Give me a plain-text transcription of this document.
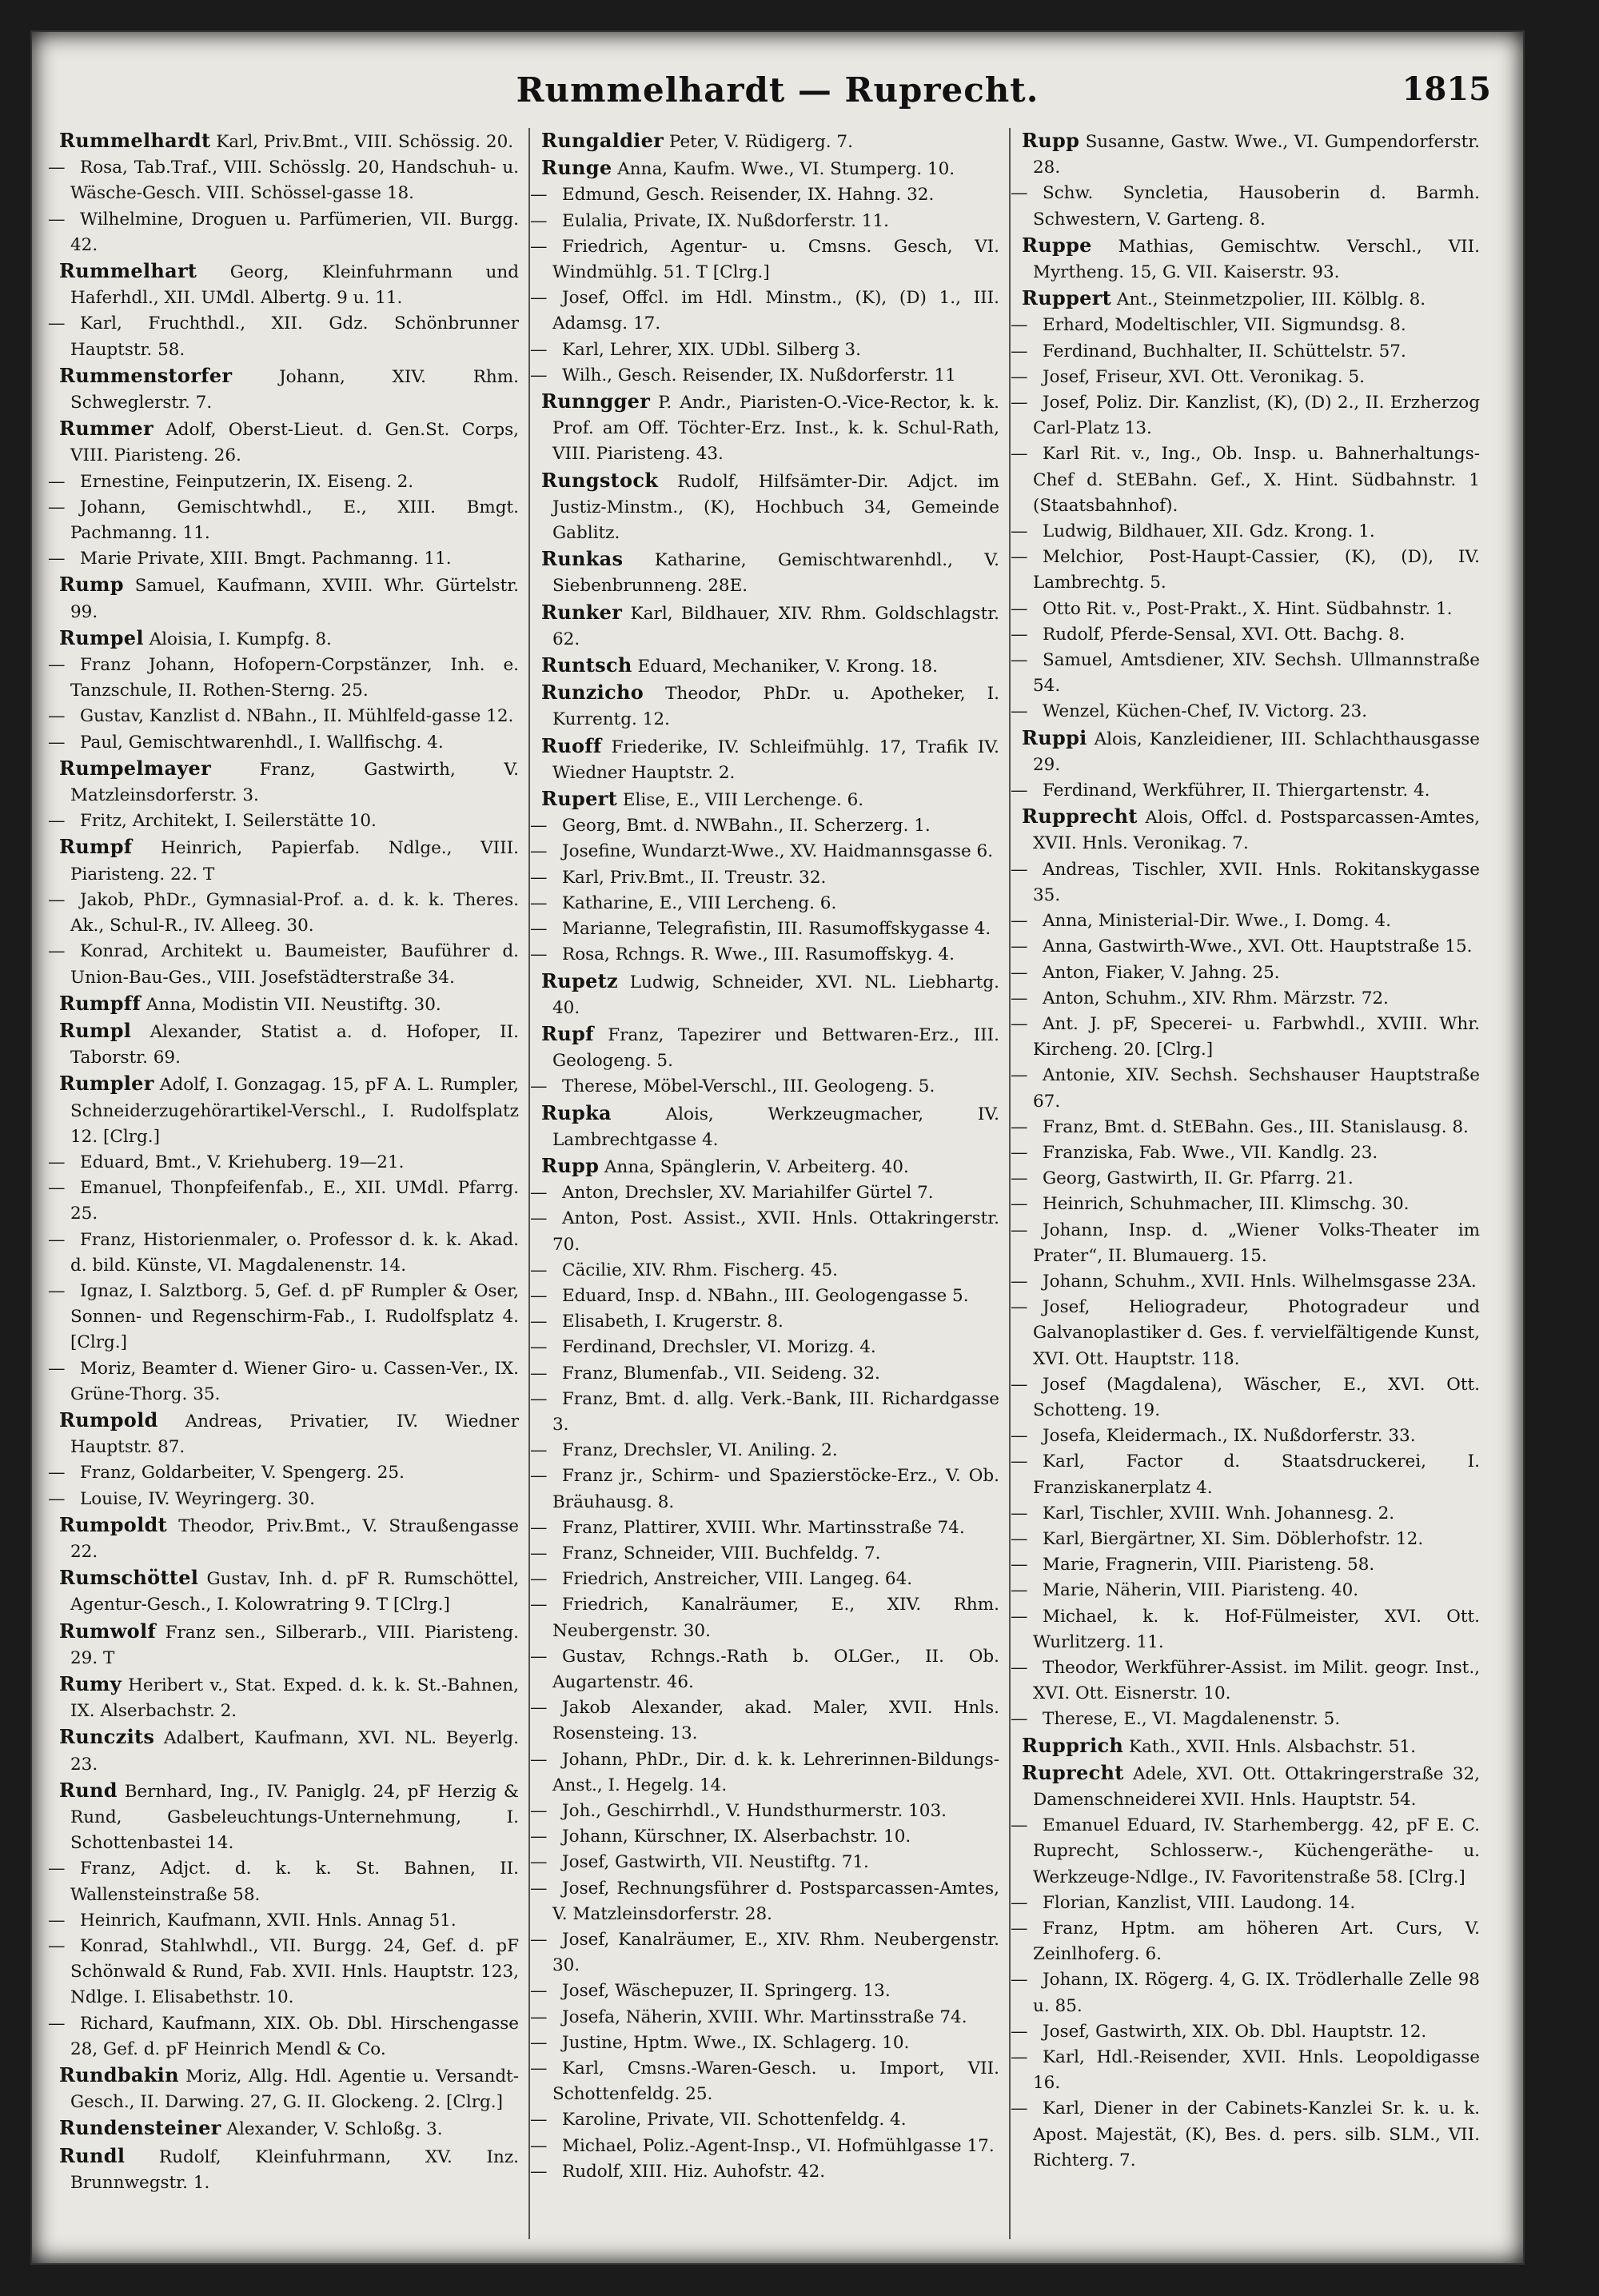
Rummelhardt — Ruprecht.	1815

Rummelhardt Karl, Priv.Bmt., VIII. Schössig. 20.

— Rosa, Tab.Traf., VIII. Schösslg. 20, Handschuh- u. Wäsche-Gesch. VIII. Schössel-gasse 18.

— Wilhelmine, Droguen u. Parfümerien, VII. Burgg. 42.

Rummelhart Georg, Kleinfuhrmann und Haferhdl., XII. UMdl. Albertg. 9 u. 11.

— Karl, Fruchthdl., XII. Gdz. Schönbrunner Hauptstr. 58.

Rummenstorfer	Johann, XIV. Rhm. Schweglerstr. 7.

Rummer Adolf, Oberst-Lieut. d. Gen.St. Corps, VIII. Piaristeng. 26.

— Ernestine, Feinputzerin, IX. Eiseng. 2.

— Johann, Gemischtwhdl., E., XIII. Bmgt. Pachmanng. 11.

— Marie Private, XIII. Bmgt. Pachmanng. 11.

Rump Samuel, Kaufmann, XVIII. Whr. Gürtelstr. 99.

Rumpel Aloisia, I. Kumpfg. 8.

— Franz Johann, Hofopern-Corpstänzer, Inh. e. Tanzschule, II. Rothen-Sterng. 25.

— Gustav, Kanzlist d. NBahn., II. Mühlfeld-gasse 12.

— Paul, Gemischtwarenhdl., I. Wallfischg. 4.

Rumpelmayer	Franz, Gastwirth, V. Matzleinsdorferstr. 3.

— Fritz, Architekt, I. Seilerstätte 10.

Rumpf Heinrich, Papierfab. Ndlge., VIII. Piaristeng. 22. T

— Jakob, PhDr., Gymnasial-Prof. a. d. k. k. Theres. Ak., Schul-R., IV. Alleeg. 30.

— Konrad, Architekt u. Baumeister, Bauführer d. Union-Bau-Ges., VIII. Josefstädterstraße 34.

Rumpff Anna, Modistin VII. Neustiftg. 30.

Rumpl Alexander, Statist a. d. Hofoper, II. Taborstr. 69.

Rumpler Adolf, I. Gonzagag. 15, pF A. L. Rumpler, Schneiderzugehörartikel-Verschl., I. Rudolfsplatz 12. [Clrg.]

— Eduard, Bmt., V. Kriehuberg. 19—21.

— Emanuel, Thonpfeifenfab., E., XII. UMdl. Pfarrg. 25.

— Franz, Historienmaler, o. Professor d. k. k. Akad. d. bild. Künste, VI. Magdalenenstr. 14.

— Ignaz, I. Salztborg. 5, Gef. d. pF Rumpler & Oser, Sonnen- und Regenschirm-Fab., I. Rudolfsplatz 4. [Clrg.]

— Moriz, Beamter d. Wiener Giro- u. Cassen-Ver., IX. Grüne-Thorg. 35.

Rumpold Andreas, Privatier, IV. Wiedner Hauptstr. 87.

— Franz, Goldarbeiter, V. Spengerg. 25.

— Louise, IV. Weyringerg. 30.

Rumpoldt Theodor, Priv.Bmt., V. Straußengasse 22.

Rumschöttel Gustav, Inh. d. pF R. Rumschöttel, Agentur-Gesch., I. Kolowratring 9. T [Clrg.]

Rumwolf Franz sen., Silberarb., VIII. Piaristeng. 29. T

Rumy Heribert v., Stat. Exped. d. k. k. St.-Bahnen, IX. Alserbachstr. 2.

Runczits Adalbert, Kaufmann, XVI. NL. Beyerlg. 23.

Rund Bernhard, Ing., IV. Paniglg. 24, pF Herzig & Rund, Gasbeleuchtungs-Unternehmung, I. Schottenbastei 14.

— Franz, Adjct. d. k. k. St. Bahnen, II. Wallensteinstraße 58.

— Heinrich, Kaufmann, XVII. Hnls. Annag 51.

— Konrad, Stahlwhdl., VII. Burgg. 24, Gef. d. pF Schönwald & Rund, Fab. XVII. Hnls. Hauptstr. 123, Ndlge. I. Elisabethstr. 10.

— Richard, Kaufmann, XIX. Ob. Dbl. Hirschengasse 28, Gef. d. pF Heinrich Mendl & Co.

Rundbakin Moriz, Allg. Hdl. Agentie u. Versandt-Gesch., II. Darwing. 27, G. II. Glockeng. 2. [Clrg.]

Rundensteiner Alexander, V. Schloßg. 3.

Rundl Rudolf, Kleinfuhrmann, XV. Inz. Brunnwegstr. 1.

Rungaldier Peter, V. Rüdigerg. 7.

Runge Anna, Kaufm. Wwe., VI. Stumperg. 10.

— Edmund, Gesch. Reisender, IX. Hahng. 32.

— Eulalia, Private, IX. Nußdorferstr. 11.

— Friedrich, Agentur- u. Cmsns. Gesch, VI. Windmühlg. 51. T [Clrg.]

— Josef, Offcl. im Hdl. Minstm., (K), (D) 1., III. Adamsg. 17.

— Karl, Lehrer, XIX. UDbl. Silberg 3.

— Wilh., Gesch. Reisender, IX. Nußdorferstr. 11

Runngger P. Andr., Piaristen-O.-Vice-Rector, k. k. Prof. am Off. Töchter-Erz. Inst., k. k. Schul-Rath, VIII. Piaristeng. 43.

Rungstock Rudolf, Hilfsämter-Dir. Adjct. im Justiz-Minstm., (K), Hochbuch 34, Gemeinde Gablitz.

Runkas Katharine, Gemischtwarenhdl., V. Siebenbrunneng. 28E.

Runker Karl, Bildhauer, XIV. Rhm. Goldschlagstr. 62.

Runtsch Eduard, Mechaniker, V. Krong. 18.

Runzicho Theodor, PhDr. u. Apotheker, I. Kurrentg. 12.

Ruoff Friederike, IV. Schleifmühlg. 17, Trafik IV. Wiedner Hauptstr. 2.

Rupert Elise, E., VIII Lerchenge. 6.

— Georg, Bmt. d. NWBahn., II. Scherzerg. 1.

— Josefine, Wundarzt-Wwe., XV. Haidmannsgasse 6.

— Karl, Priv.Bmt., II. Treustr. 32.

— Katharine, E., VIII Lercheng. 6.

— Marianne, Telegrafistin, III. Rasumoffskygasse 4.

— Rosa, Rchngs. R. Wwe., III. Rasumoffskyg. 4.

Rupetz Ludwig, Schneider, XVI. NL. Liebhartg. 40.

Rupf Franz, Tapezirer und Bettwaren-Erz., III. Geologeng. 5.

— Therese, Möbel-Verschl., III. Geologeng. 5.

Rupka	Alois, Werkzeugmacher, IV. Lambrechtgasse 4.

Rupp Anna, Spänglerin, V. Arbeiterg. 40.

— Anton, Drechsler, XV. Mariahilfer Gürtel 7.

— Anton, Post. Assist., XVII. Hnls. Ottakringerstr. 70.

— Cäcilie, XIV. Rhm. Fischerg. 45.

— Eduard, Insp. d. NBahn., III. Geologengasse 5.

— Elisabeth, I. Krugerstr. 8.

— Ferdinand, Drechsler, VI. Morizg. 4.

— Franz, Blumenfab., VII. Seideng. 32.

— Franz, Bmt. d. allg. Verk.-Bank, III. Richardgasse 3.

— Franz, Drechsler, VI. Aniling. 2.

— Franz jr., Schirm- und Spazierstöcke-Erz., V. Ob. Bräuhausg. 8.

— Franz, Plattirer, XVIII. Whr. Martinsstraße 74.

— Franz, Schneider, VIII. Buchfeldg. 7.

— Friedrich, Anstreicher, VIII. Langeg. 64.

— Friedrich, Kanalräumer, E., XIV. Rhm. Neubergenstr. 30.

— Gustav, Rchngs.-Rath b. OLGer., II. Ob. Augartenstr. 46.

— Jakob Alexander, akad. Maler, XVII. Hnls. Rosensteing. 13.

— Johann, PhDr., Dir. d. k. k. Lehrerinnen-Bildungs-Anst., I. Hegelg. 14.

— Joh., Geschirrhdl., V. Hundsthurmerstr. 103.

— Johann, Kürschner, IX. Alserbachstr. 10.

— Josef, Gastwirth, VII. Neustiftg. 71.

— Josef, Rechnungsführer d. Postsparcassen-Amtes, V. Matzleinsdorferstr. 28.

— Josef, Kanalräumer, E., XIV. Rhm. Neubergenstr. 30.

— Josef, Wäschepuzer, II. Springerg. 13.

— Josefa, Näherin, XVIII. Whr. Martinsstraße 74.

— Justine, Hptm. Wwe., IX. Schlagerg. 10.

— Karl, Cmsns.-Waren-Gesch. u. Import, VII. Schottenfeldg. 25.

— Karoline, Private, VII. Schottenfeldg. 4.

— Michael, Poliz.-Agent-Insp., VI. Hofmühlgasse 17.

— Rudolf, XIII. Hiz. Auhofstr. 42.

Rupp Susanne, Gastw. Wwe., VI. Gumpendorferstr. 28.

— Schw. Syncletia, Hausoberin d. Barmh. Schwestern, V. Garteng. 8.

Ruppe Mathias, Gemischtw. Verschl., VII. Myrtheng. 15, G. VII. Kaiserstr. 93.

Ruppert Ant., Steinmetzpolier, III. Kölblg. 8.

— Erhard, Modeltischler, VII. Sigmundsg. 8.

— Ferdinand, Buchhalter, II. Schüttelstr. 57.

— Josef, Friseur, XVI. Ott. Veronikag. 5.

— Josef, Poliz. Dir. Kanzlist, (K), (D) 2., II. Erzherzog Carl-Platz 13.

— Karl Rit. v., Ing., Ob. Insp. u. Bahnerhaltungs-Chef d. StEBahn. Gef., X. Hint. Südbahnstr. 1 (Staatsbahnhof).

— Ludwig, Bildhauer, XII. Gdz. Krong. 1.

— Melchior, Post-Haupt-Cassier, (K), (D), IV. Lambrechtg. 5.

— Otto Rit. v., Post-Prakt., X. Hint. Südbahnstr. 1.

— Rudolf, Pferde-Sensal, XVI. Ott. Bachg. 8.

— Samuel, Amtsdiener, XIV. Sechsh. Ullmannstraße 54.

— Wenzel, Küchen-Chef, IV. Victorg. 23.

Ruppi Alois, Kanzleidiener, III. Schlachthausgasse 29.

— Ferdinand, Werkführer, II. Thiergartenstr. 4.

Rupprecht Alois, Offcl. d. Postsparcassen-Amtes, XVII. Hnls. Veronikag. 7.

— Andreas, Tischler, XVII. Hnls. Rokitanskygasse 35.

— Anna, Ministerial-Dir. Wwe., I. Domg. 4.

— Anna, Gastwirth-Wwe., XVI. Ott. Hauptstraße 15.

— Anton, Fiaker, V. Jahng. 25.

— Anton, Schuhm., XIV. Rhm. Märzstr. 72.

— Ant. J. pF, Specerei- u. Farbwhdl., XVIII. Whr. Kircheng. 20. [Clrg.]

— Antonie, XIV. Sechsh. Sechshauser Hauptstraße 67.

— Franz, Bmt. d. StEBahn. Ges., III. Stanislausg. 8.

— Franziska, Fab. Wwe., VII. Kandlg. 23.

— Georg, Gastwirth, II. Gr. Pfarrg. 21.

— Heinrich, Schuhmacher, III. Klimschg. 30.

— Johann, Insp. d. „Wiener Volks-Theater im Prater“, II. Blumauerg. 15.

— Johann, Schuhm., XVII. Hnls. Wilhelmsgasse 23A.

— Josef, Heliogradeur, Photogradeur und Galvanoplastiker d. Ges. f. vervielfältigende Kunst, XVI. Ott. Hauptstr. 118.

— Josef (Magdalena), Wäscher, E., XVI. Ott. Schotteng. 19.

— Josefa, Kleidermach., IX. Nußdorferstr. 33.

— Karl, Factor d. Staatsdruckerei, I. Franziskanerplatz 4.

— Karl, Tischler, XVIII. Wnh. Johannesg. 2.

— Karl, Biergärtner, XI. Sim. Döblerhofstr. 12.

— Marie, Fragnerin, VIII. Piaristeng. 58.

— Marie, Näherin, VIII. Piaristeng. 40.

— Michael, k. k. Hof-Fülmeister, XVI. Ott. Wurlitzerg. 11.

— Theodor, Werkführer-Assist. im Milit. geogr. Inst., XVI. Ott. Eisnerstr. 10.

— Therese, E., VI. Magdalenenstr. 5.

Rupprich Kath., XVII. Hnls. Alsbachstr. 51.

Ruprecht Adele, XVI. Ott. Ottakringerstraße 32, Damenschneiderei XVII. Hnls. Hauptstr. 54.

— Emanuel Eduard, IV. Starhembergg. 42, pF E. C. Ruprecht, Schlosserw.-, Küchengeräthe- u. Werkzeuge-Ndlge., IV. Favoritenstraße 58. [Clrg.]

— Florian, Kanzlist, VIII. Laudong. 14.

— Franz, Hptm. am höheren Art. Curs, V. Zeinlhoferg. 6.

— Johann, IX. Rögerg. 4, G. IX. Trödlerhalle Zelle 98 u. 85.

— Josef, Gastwirth, XIX. Ob. Dbl. Hauptstr. 12.

— Karl, Hdl.-Reisender, XVII. Hnls. Leopoldigasse 16.

— Karl, Diener in der Cabinets-Kanzlei Sr. k. u. k. Apost. Majestät, (K), Bes. d. pers. silb. SLM., VII. Richterg. 7.
